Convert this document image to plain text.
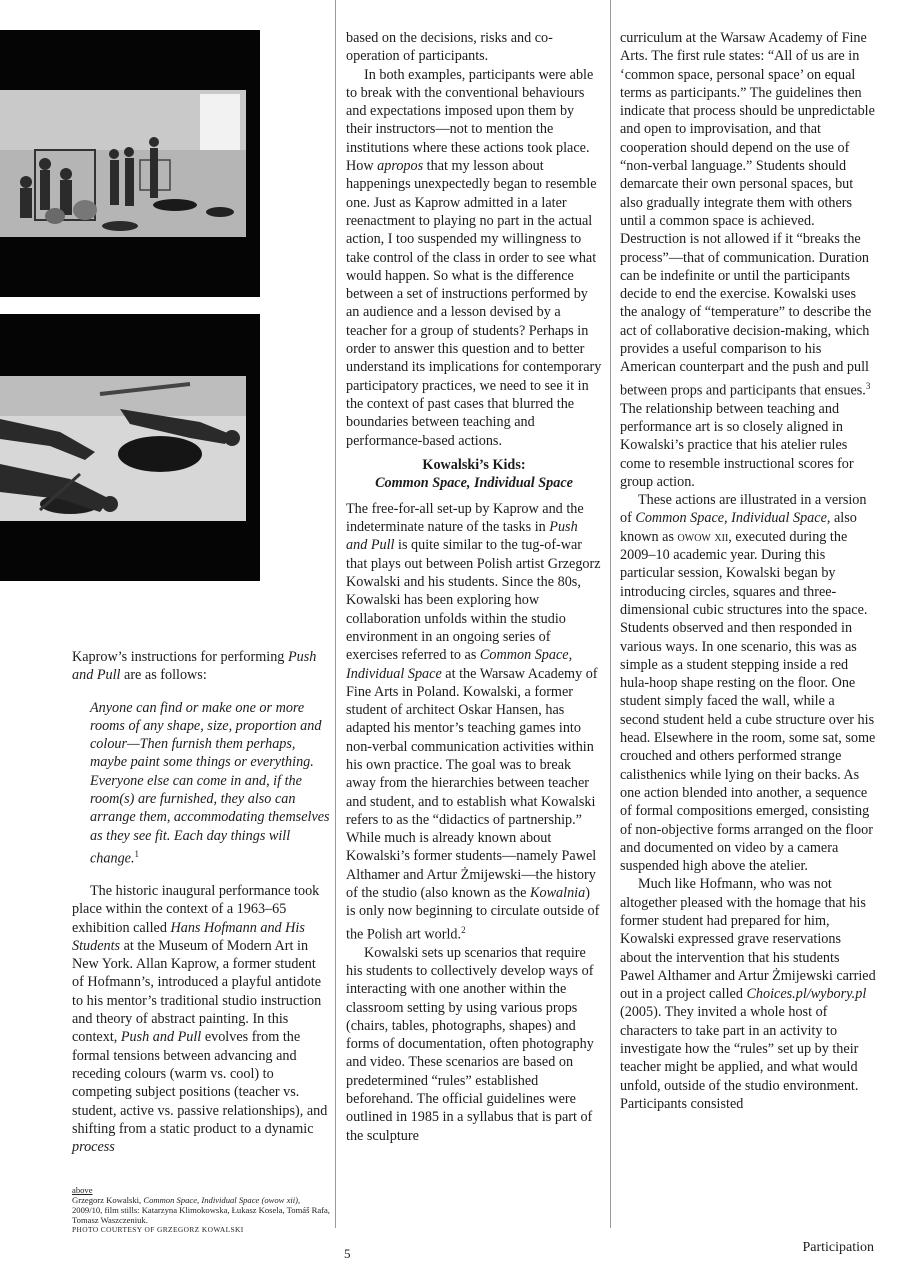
Kaprow’s instructions for performing Push and Pull are as follows:

Anyone can find or make one or more rooms of any shape, size, proportion and colour—Then furnish them perhaps, maybe paint some things or everything. Everyone else can come in and, if the room(s) are furnished, they also can arrange them, accommodating themselves as they see fit. Each day things will change.$^1$

The historic inaugural performance took place within the context of a 1963–65 exhibition called Hans Hofmann and His Students at the Museum of Modern Art in New York. Allan Kaprow, a former student of Hofmann’s, introduced a playful antidote to his mentor’s traditional studio instruction and theory of abstract painting. In this context, Push and Pull evolves from the formal tensions between advancing and receding colours (warm vs. cool) to competing subject positions (teacher vs. student, active vs. passive relationships), and shifting from a static product to a dynamic process

based on the decisions, risks and co-operation of participants.

In both examples, participants were able to break with the conventional behaviours and expectations imposed upon them by their instructors—not to mention the institutions where these actions took place. How apropos that my lesson about happenings unexpectedly began to resemble one. Just as Kaprow admitted in a later reenactment to playing no part in the actual action, I too suspended my willingness to take control of the class in order to see what would happen. So what is the difference between a set of instructions performed by an audience and a lesson devised by a teacher for a group of students? Perhaps in order to answer this question and to better understand its implications for contemporary participatory practices, we need to see it in the context of past cases that blurred the boundaries between teaching and performance-based actions.

Kowalski’s Kids:
Common Space, Individual Space

The free-for-all set-up by Kaprow and the indeterminate nature of the tasks in Push and Pull is quite similar to the tug-of-war that plays out between Polish artist Grzegorz Kowalski and his students. Since the 80s, Kowalski has been exploring how collaboration unfolds within the studio environment in an ongoing series of exercises referred to as Common Space, Individual Space at the Warsaw Academy of Fine Arts in Poland. Kowalski, a former student of architect Oskar Hansen, has adapted his mentor’s teaching games into non-verbal communication activities within his own practice. The goal was to break away from the hierarchies between teacher and student, and to establish what Kowalski refers to as the “didactics of partnership.” While much is already known about Kowalski’s former students—namely Pawel Althamer and Artur Żmijewski—the history of the studio (also known as the Kowalnia) is only now beginning to circulate outside of the Polish art world.$^2$

Kowalski sets up scenarios that require his students to collectively develop ways of interacting with one another within the classroom setting by using various props (chairs, tables, photographs, shapes) and forms of documentation, often photography and video. These scenarios are based on predetermined “rules” established beforehand. The official guidelines were outlined in 1985 in a syllabus that is part of the sculpture

curriculum at the Warsaw Academy of Fine Arts. The first rule states: “All of us are in ‘common space, personal space’ on equal terms as participants.” The guidelines then indicate that process should be unpredictable and open to improvisation, and that cooperation should depend on the use of “non-verbal language.” Students should demarcate their own personal spaces, but also gradually integrate them with others until a common space is achieved. Destruction is not allowed if it “breaks the process”—that of communication. Duration can be indefinite or until the participants decide to end the exercise. Kowalski uses the analogy of “temperature” to describe the act of collaborative decision-making, which provides a useful comparison to his American counterpart and the push and pull between props and participants that ensues.$^3$ The relationship between teaching and performance art is so closely aligned in Kowalski’s practice that his atelier rules come to resemble instructional scores for group action.

These actions are illustrated in a version of Common Space, Individual Space, also known as owow xii, executed during the 2009–10 academic year. During this particular session, Kowalski began by introducing circles, squares and three-dimensional cubic structures into the space. Students observed and then responded in various ways. In one scenario, this was as simple as a student stepping inside a red hula-hoop shape resting on the floor. One student simply faced the wall, while a second student held a cube structure over his head. Elsewhere in the room, some sat, some crouched and others performed strange calisthenics while lying on their backs. As one action blended into another, a sequence of formal compositions emerged, consisting of non-objective forms arranged on the floor and documented on video by a camera suspended high above the atelier.

Much like Hofmann, who was not altogether pleased with the homage that his former student had prepared for him, Kowalski expressed grave reservations about the intervention that his students Pawel Althamer and Artur Żmijewski carried out in a project called Choices.pl/wybory.pl (2005). They invited a whole host of characters to take part in an activity to investigate how the “rules” set up by their teacher might be applied, and what would unfold, outside of the studio environment. Participants consisted

above
Grzegorz Kowalski, Common Space, Individual Space (owow xii), 2009/10, film stills: Katarzyna Klimokowska, Łukasz Kosela, Tomáš Rafa, Tomasz Waszczeniuk.
PHOTO COURTESY OF GRZEGORZ KOWALSKI
5	Participation
